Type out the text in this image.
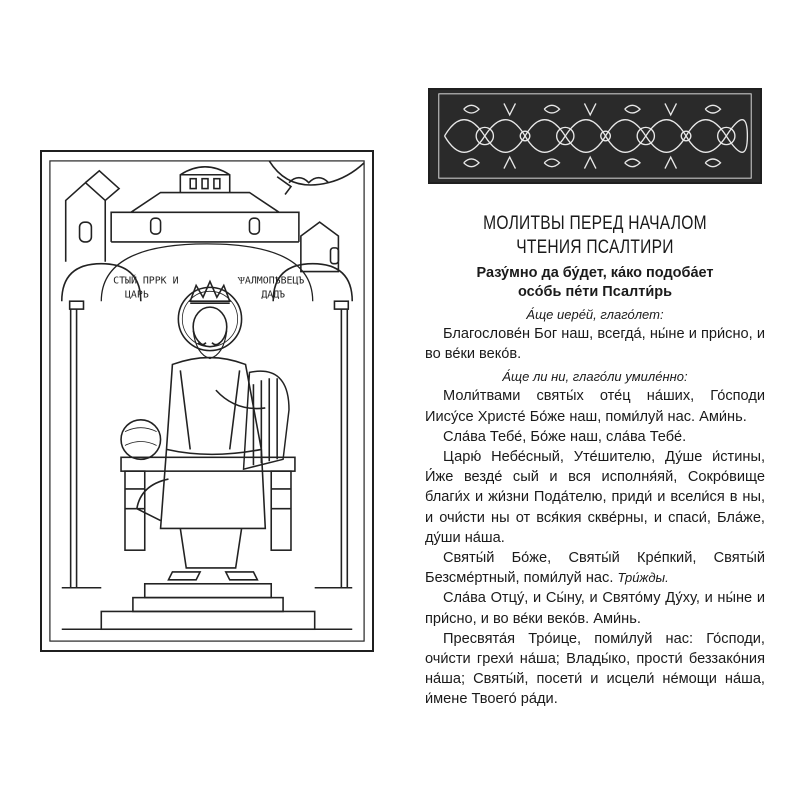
СТЫЙ ПРРК И
ЦАРЬ
ѰАЛМОПѢВЕЦЪ
ДАДЪ
МОЛИТВЫ ПЕРЕД НАЧАЛОМ
ЧТЕНИЯ ПСАЛТИРИ
Разу́мно да бу́дет, ка́ко подоба́ет
осо́бь пе́ти Псалти́рь

А́ще иере́й, глаго́лет:

Благослове́н Бог наш, всегда́, ны́не и при́сно, и во ве́ки веко́в.

А́ще ли ни, глаго́ли умиле́нно:

Моли́твами святы́х оте́ц на́ших, Го́споди Иису́се Христе́ Бо́же наш, поми́луй нас. Ами́нь.

Сла́ва Тебе́, Бо́же наш, сла́ва Тебе́.

Царю́ Небе́сный, Уте́шителю, Ду́ше и́стины, И́же везде́ сый и вся исполня́яй, Сокро́вище благи́х и жи́зни Пода́телю, приди́ и всели́ся в ны, и очи́сти ны от вся́кия скве́рны, и спаси́, Бла́же, ду́ши на́ша.

Святы́й Бо́же, Святы́й Кре́пкий, Святы́й Безсме́ртный, поми́луй нас. Три́жды.

Сла́ва Отцу́, и Сы́ну, и Свято́му Ду́ху, и ны́не и при́сно, и во ве́ки веко́в. Ами́нь.

Пресвята́я Тро́ице, поми́луй нас: Го́споди, очи́сти грехи́ на́ша; Влады́ко, прости́ беззако́ния на́ша; Святы́й, посети́ и исцели́ не́мощи на́ша, и́мене Твоего́ ра́ди.
